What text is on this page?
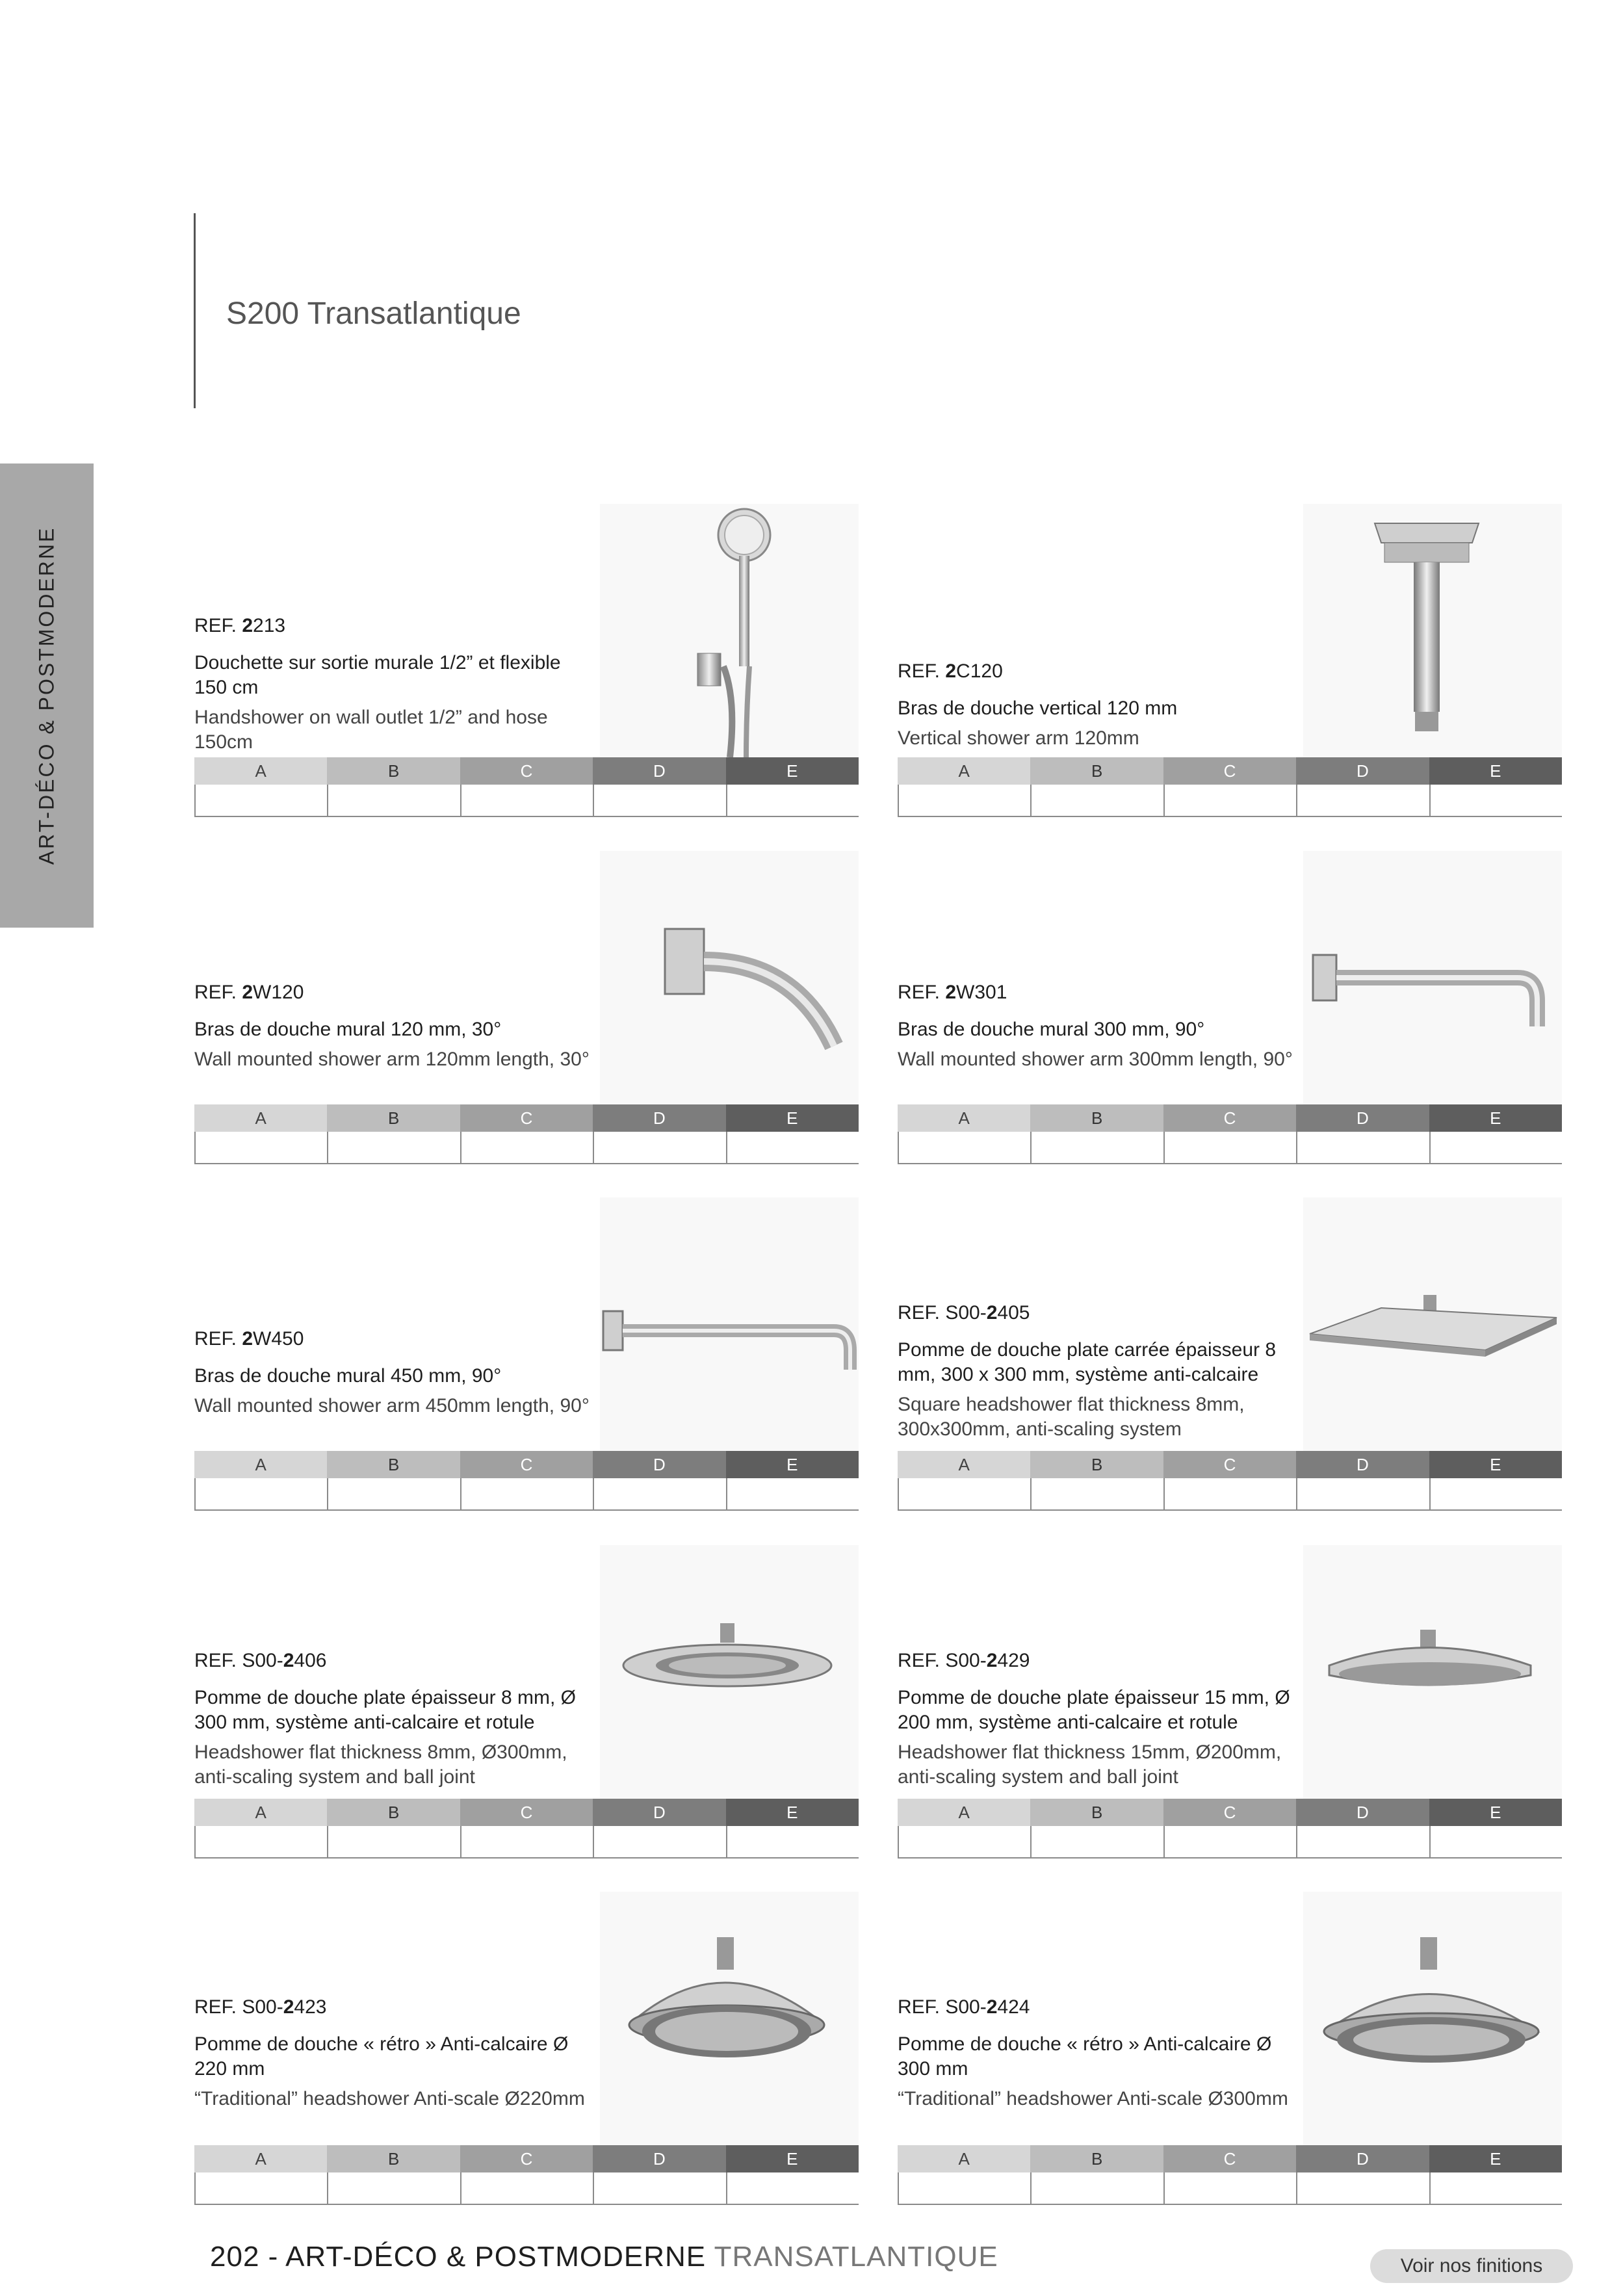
S200 Transatlantique
ART-DÉCO & POSTMODERNE	REF. 2213
Douchette sur sortie murale 1/2” et flexible 150 cm
Handshower on wall outlet 1/2” and hose 150cm
A	B	C	D	E
REF. 2C120
Bras de douche vertical 120 mm
Vertical shower arm 120mm
A	B	C	D	E
REF. 2W120
Bras de douche mural 120 mm, 30°
Wall mounted shower arm 120mm length, 30°
A	B	C	D	E
REF. 2W301
Bras de douche mural 300 mm, 90°
Wall mounted shower arm 300mm length, 90°
A	B	C	D	E
REF. 2W450
Bras de douche mural 450 mm, 90°
Wall mounted shower arm 450mm length, 90°
A	B	C	D	E
REF. S00-2405
Pomme de douche plate carrée épaisseur 8 mm, 300 x 300 mm, système anti-calcaire
Square headshower flat thickness 8mm, 300x300mm, anti-scaling system
A	B	C	D	E
REF. S00-2406
Pomme de douche plate épaisseur 8 mm, Ø 300 mm, système anti-calcaire et rotule
Headshower flat thickness 8mm, Ø300mm, anti-scaling system and ball joint
A	B	C	D	E
REF. S00-2429
Pomme de douche plate épaisseur 15 mm, Ø 200 mm, système anti-calcaire et rotule
Headshower flat thickness 15mm, Ø200mm, anti-scaling system and ball joint
A	B	C	D	E
REF. S00-2423
Pomme de douche « rétro » Anti-calcaire Ø 220 mm
“Traditional” headshower Anti-scale Ø220mm
A	B	C	D	E
REF. S00-2424
Pomme de douche « rétro » Anti-calcaire Ø 300 mm
“Traditional” headshower Anti-scale Ø300mm
A	B	C	D	E
202 - ART-DÉCO & POSTMODERNE TRANSATLANTIQUE	Voir nos finitions
